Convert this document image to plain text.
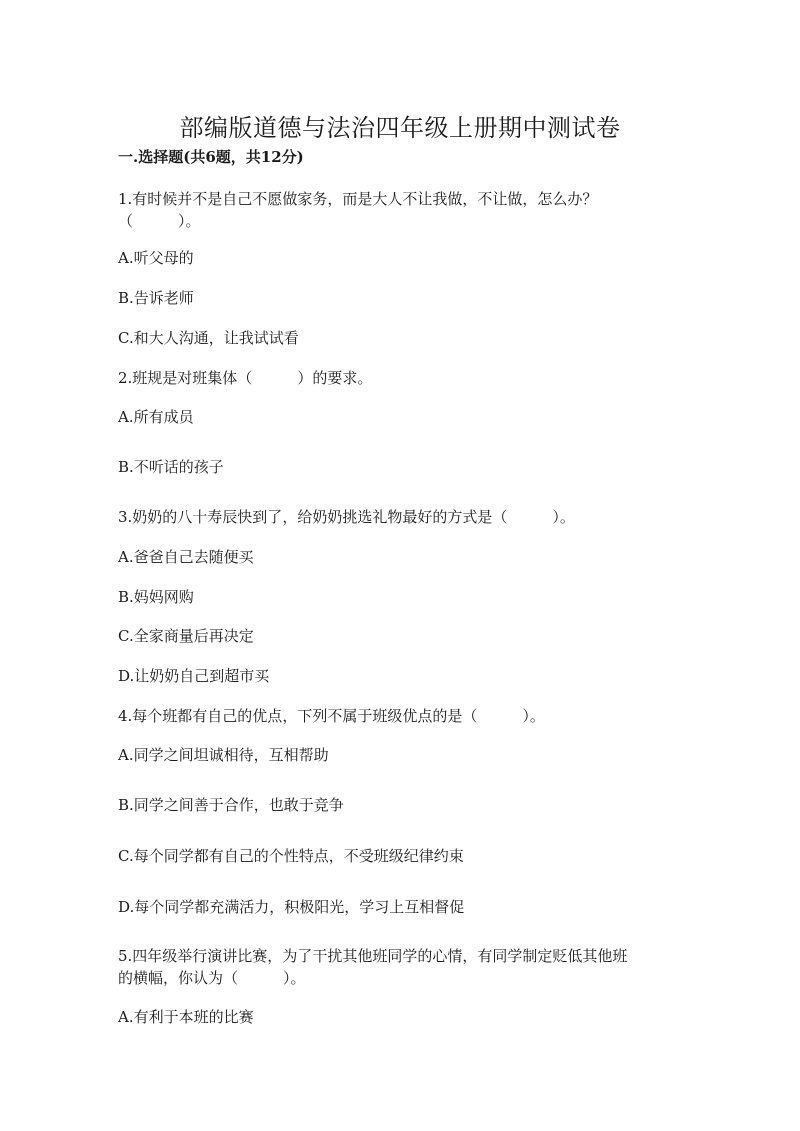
部编版道德与法治四年级上册期中测试卷
一.选择题(共6题，共12分)
1.有时候并不是自己不愿做家务，而是大人不让我做，不让做，怎么办？
（　　　）。
A.听父母的
B.告诉老师
C.和大人沟通，让我试试看
2.班规是对班集体（　　　）的要求。
A.所有成员
B.不听话的孩子
3.奶奶的八十寿辰快到了，给奶奶挑选礼物最好的方式是（　　　）。
A.爸爸自己去随便买
B.妈妈网购
C.全家商量后再决定
D.让奶奶自己到超市买
4.每个班都有自己的优点，下列不属于班级优点的是（　　　）。
A.同学之间坦诚相待，互相帮助
B.同学之间善于合作，也敢于竞争
C.每个同学都有自己的个性特点，不受班级纪律约束
D.每个同学都充满活力，积极阳光，学习上互相督促
5.四年级举行演讲比赛，为了干扰其他班同学的心情，有同学制定贬低其他班
的横幅，你认为（　　　）。
A.有利于本班的比赛
